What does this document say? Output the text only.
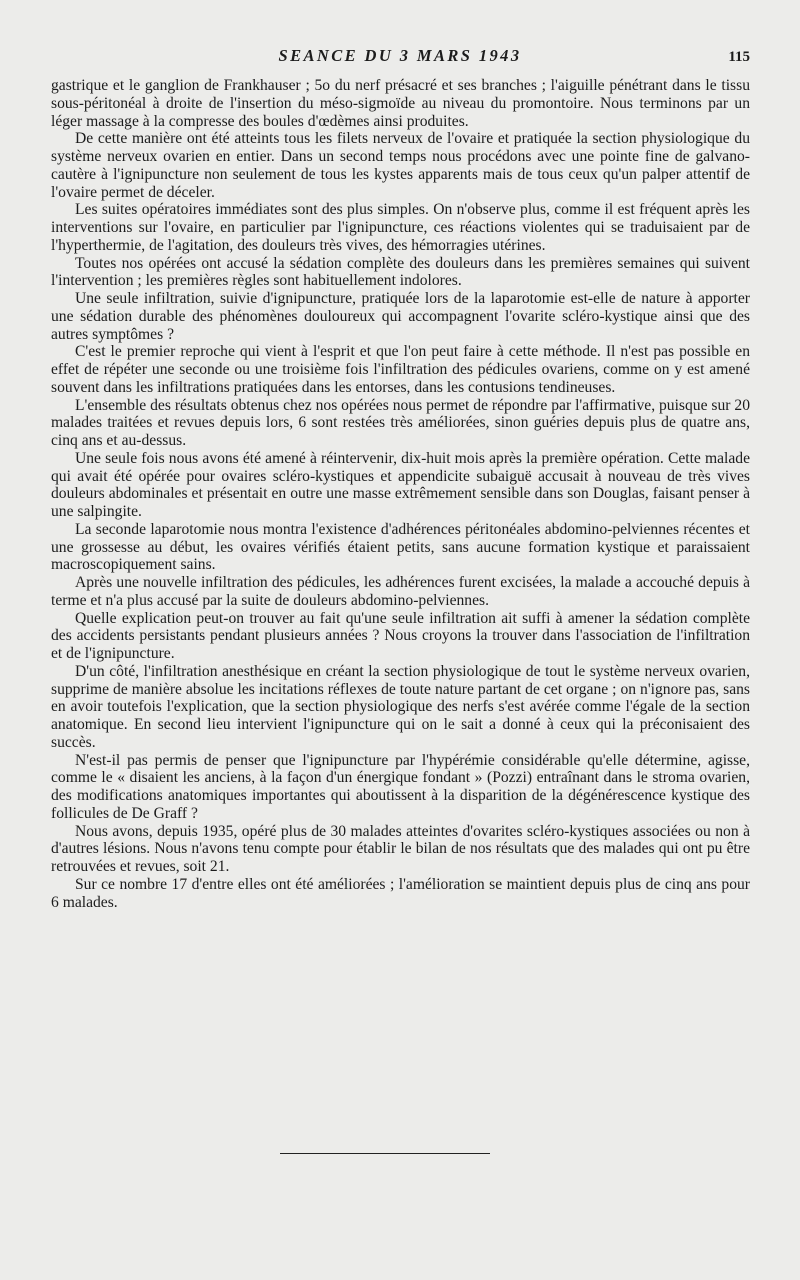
SEANCE DU 3 MARS 1943	115

gastrique et le ganglion de Frankhauser ; 5o du nerf présacré et ses branches ; l'aiguille pénétrant dans le tissu sous-péritonéal à droite de l'insertion du méso-sigmoïde au niveau du promontoire. Nous terminons par un léger massage à la compresse des boules d'œdèmes ainsi produites.

De cette manière ont été atteints tous les filets nerveux de l'ovaire et pratiquée la section physiologique du système nerveux ovarien en entier. Dans un second temps nous procédons avec une pointe fine de galvano-cautère à l'ignipuncture non seulement de tous les kystes apparents mais de tous ceux qu'un palper attentif de l'ovaire permet de déceler.

Les suites opératoires immédiates sont des plus simples. On n'observe plus, comme il est fréquent après les interventions sur l'ovaire, en particulier par l'ignipuncture, ces réactions violentes qui se traduisaient par de l'hyperthermie, de l'agitation, des douleurs très vives, des hémorragies utérines.

Toutes nos opérées ont accusé la sédation complète des douleurs dans les premières semaines qui suivent l'intervention ; les premières règles sont habituellement indolores.

Une seule infiltration, suivie d'ignipuncture, pratiquée lors de la laparotomie est-elle de nature à apporter une sédation durable des phénomènes douloureux qui accompagnent l'ovarite scléro-kystique ainsi que des autres symptômes ?

C'est le premier reproche qui vient à l'esprit et que l'on peut faire à cette méthode. Il n'est pas possible en effet de répéter une seconde ou une troisième fois l'infiltration des pédicules ovariens, comme on y est amené souvent dans les infiltrations pratiquées dans les entorses, dans les contusions tendineuses.

L'ensemble des résultats obtenus chez nos opérées nous permet de répondre par l'affirmative, puisque sur 20 malades traitées et revues depuis lors, 6 sont restées très améliorées, sinon guéries depuis plus de quatre ans, cinq ans et au-dessus.

Une seule fois nous avons été amené à réintervenir, dix-huit mois après la première opération. Cette malade qui avait été opérée pour ovaires scléro-kystiques et appendicite subaiguë accusait à nouveau de très vives douleurs abdominales et présentait en outre une masse extrêmement sensible dans son Douglas, faisant penser à une salpingite.

La seconde laparotomie nous montra l'existence d'adhérences péritonéales abdomino-pelviennes récentes et une grossesse au début, les ovaires vérifiés étaient petits, sans aucune formation kystique et paraissaient macroscopiquement sains.

Après une nouvelle infiltration des pédicules, les adhérences furent excisées, la malade a accouché depuis à terme et n'a plus accusé par la suite de douleurs abdomino-pelviennes.

Quelle explication peut-on trouver au fait qu'une seule infiltration ait suffi à amener la sédation complète des accidents persistants pendant plusieurs années ? Nous croyons la trouver dans l'association de l'infiltration et de l'ignipuncture.

D'un côté, l'infiltration anesthésique en créant la section physiologique de tout le système nerveux ovarien, supprime de manière absolue les incitations réflexes de toute nature partant de cet organe ; on n'ignore pas, sans en avoir toutefois l'explication, que la section physiologique des nerfs s'est avérée comme l'égale de la section anatomique. En second lieu intervient l'ignipuncture qui on le sait a donné à ceux qui la préconisaient des succès.

N'est-il pas permis de penser que l'ignipuncture par l'hypérémie considérable qu'elle détermine, agisse, comme le « disaient les anciens, à la façon d'un énergique fondant » (Pozzi) entraînant dans le stroma ovarien, des modifications anatomiques importantes qui aboutissent à la disparition de la dégénérescence kystique des follicules de De Graff ?

Nous avons, depuis 1935, opéré plus de 30 malades atteintes d'ovarites scléro-kystiques associées ou non à d'autres lésions. Nous n'avons tenu compte pour établir le bilan de nos résultats que des malades qui ont pu être retrouvées et revues, soit 21.

Sur ce nombre 17 d'entre elles ont été améliorées ; l'amélioration se maintient depuis plus de cinq ans pour 6 malades.
